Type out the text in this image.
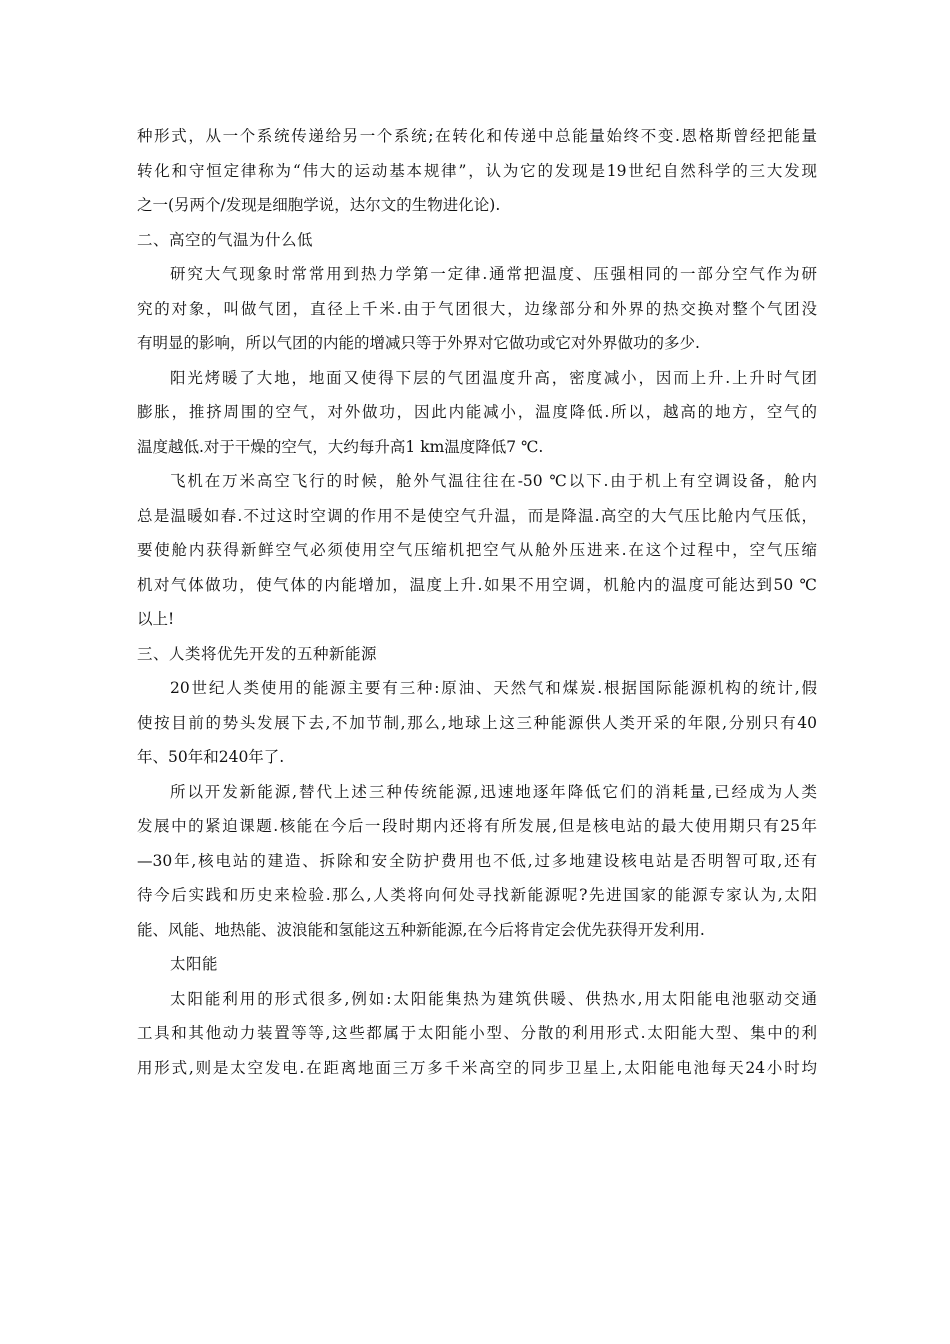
种形式，从一个系统传递给另一个系统;在转化和传递中总能量始终不变.恩格斯曾经把能量
转化和守恒定律称为“伟大的运动基本规律”，认为它的发现是19世纪自然科学的三大发现
之一(另两个/发现是细胞学说，达尔文的生物进化论).
二、高空的气温为什么低
研究大气现象时常常用到热力学第一定律.通常把温度、压强相同的一部分空气作为研
究的对象，叫做气团，直径上千米.由于气团很大，边缘部分和外界的热交换对整个气团没
有明显的影响，所以气团的内能的增减只等于外界对它做功或它对外界做功的多少.
阳光烤暖了大地，地面又使得下层的气团温度升高，密度减小，因而上升.上升时气团
膨胀，推挤周围的空气，对外做功，因此内能减小，温度降低.所以，越高的地方，空气的
温度越低.对于干燥的空气，大约每升高1 km温度降低7 ℃.
飞机在万米高空飞行的时候，舱外气温往往在-50 ℃以下.由于机上有空调设备，舱内
总是温暖如春.不过这时空调的作用不是使空气升温，而是降温.高空的大气压比舱内气压低，
要使舱内获得新鲜空气必须使用空气压缩机把空气从舱外压进来.在这个过程中，空气压缩
机对气体做功，使气体的内能增加，温度上升.如果不用空调，机舱内的温度可能达到50 ℃
以上!
三、人类将优先开发的五种新能源
20世纪人类使用的能源主要有三种:原油、天然气和煤炭.根据国际能源机构的统计,假
使按目前的势头发展下去,不加节制,那么,地球上这三种能源供人类开采的年限,分别只有40
年、50年和240年了.
所以开发新能源,替代上述三种传统能源,迅速地逐年降低它们的消耗量,已经成为人类
发展中的紧迫课题.核能在今后一段时期内还将有所发展,但是核电站的最大使用期只有25年
—30年,核电站的建造、拆除和安全防护费用也不低,过多地建设核电站是否明智可取,还有
待今后实践和历史来检验.那么,人类将向何处寻找新能源呢?先进国家的能源专家认为,太阳
能、风能、地热能、波浪能和氢能这五种新能源,在今后将肯定会优先获得开发利用.
太阳能
太阳能利用的形式很多,例如:太阳能集热为建筑供暖、供热水,用太阳能电池驱动交通
工具和其他动力装置等等,这些都属于太阳能小型、分散的利用形式.太阳能大型、集中的利
用形式,则是太空发电.在距离地面三万多千米高空的同步卫星上,太阳能电池每天24小时均
